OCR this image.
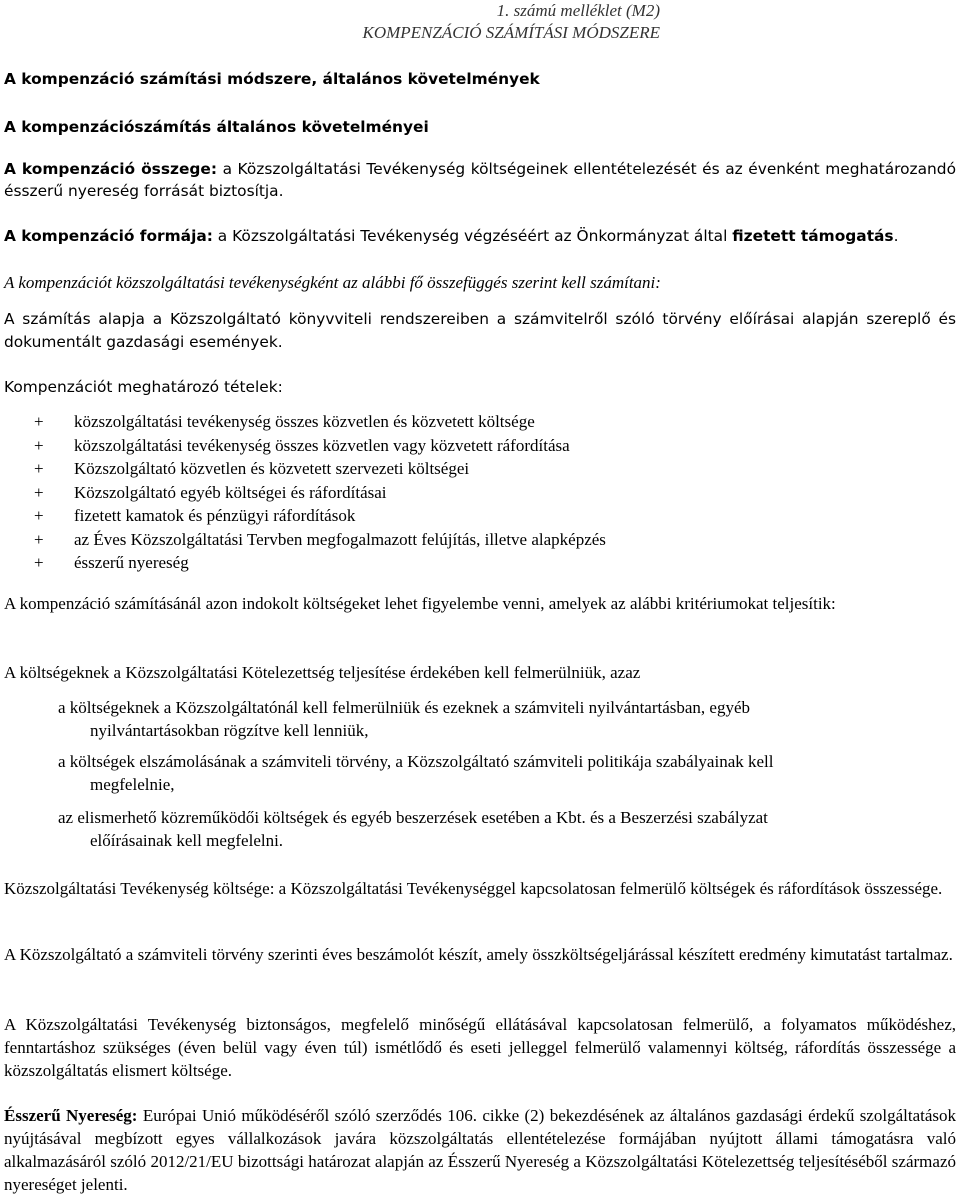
1. számú melléklet (M2)
KOMPENZÁCIÓ SZÁMÍTÁSI MÓDSZERE
A kompenzáció számítási módszere, általános követelmények
A kompenzációszámítás általános követelményei
A kompenzáció összege: a Közszolgáltatási Tevékenység költségeinek ellentételezését és az évenként meghatározandó ésszerű nyereség forrását biztosítja.
A kompenzáció formája: a Közszolgáltatási Tevékenység végzéséért az Önkormányzat által fizetett támogatás.
A kompenzációt közszolgáltatási tevékenységként az alábbi fő összefüggés szerint kell számítani:
A számítás alapja a Közszolgáltató könyvviteli rendszereiben a számvitelről szóló törvény előírásai alapján szereplő és dokumentált gazdasági események.
Kompenzációt meghatározó tételek:
+	közszolgáltatási tevékenység összes közvetlen és közvetett költsége
+	közszolgáltatási tevékenység összes közvetlen vagy közvetett ráfordítása
+	Közszolgáltató közvetlen és közvetett szervezeti költségei
+	Közszolgáltató egyéb költségei és ráfordításai
+	fizetett kamatok és pénzügyi ráfordítások
+	az Éves Közszolgáltatási Tervben megfogalmazott felújítás, illetve alapképzés
+	ésszerű nyereség
A kompenzáció számításánál azon indokolt költségeket lehet figyelembe venni, amelyek az alábbi kritériumokat teljesítik:
A költségeknek a Közszolgáltatási Kötelezettség teljesítése érdekében kell felmerülniük, azaz
a költségeknek a Közszolgáltatónál kell felmerülniük és ezeknek a számviteli nyilvántartásban, egyéb
nyilvántartásokban rögzítve kell lenniük,
a költségek elszámolásának a számviteli törvény, a Közszolgáltató számviteli politikája szabályainak kell
megfelelnie,
az elismerhető közreműködői költségek és egyéb beszerzések esetében a Kbt. és a Beszerzési szabályzat
előírásainak kell megfelelni.
Közszolgáltatási Tevékenység költsége: a Közszolgáltatási Tevékenységgel kapcsolatosan felmerülő költségek és ráfordítások összessége.
A Közszolgáltató a számviteli törvény szerinti éves beszámolót készít, amely összköltségeljárással készített eredmény kimutatást tartalmaz.
A Közszolgáltatási Tevékenység biztonságos, megfelelő minőségű ellátásával kapcsolatosan felmerülő, a folyamatos működéshez, fenntartáshoz szükséges (éven belül vagy éven túl) ismétlődő és eseti jelleggel felmerülő valamennyi költség, ráfordítás összessége a közszolgáltatás elismert költsége.
Ésszerű Nyereség: Európai Unió működéséről szóló szerződés 106. cikke (2) bekezdésének az általános gazdasági érdekű szolgáltatások nyújtásával megbízott egyes vállalkozások javára közszolgáltatás ellentételezése formájában nyújtott állami támogatásra való alkalmazásáról szóló 2012/21/EU bizottsági határozat alapján az Ésszerű Nyereség a Közszolgáltatási Kötelezettség teljesítéséből származó nyereséget jelenti.
